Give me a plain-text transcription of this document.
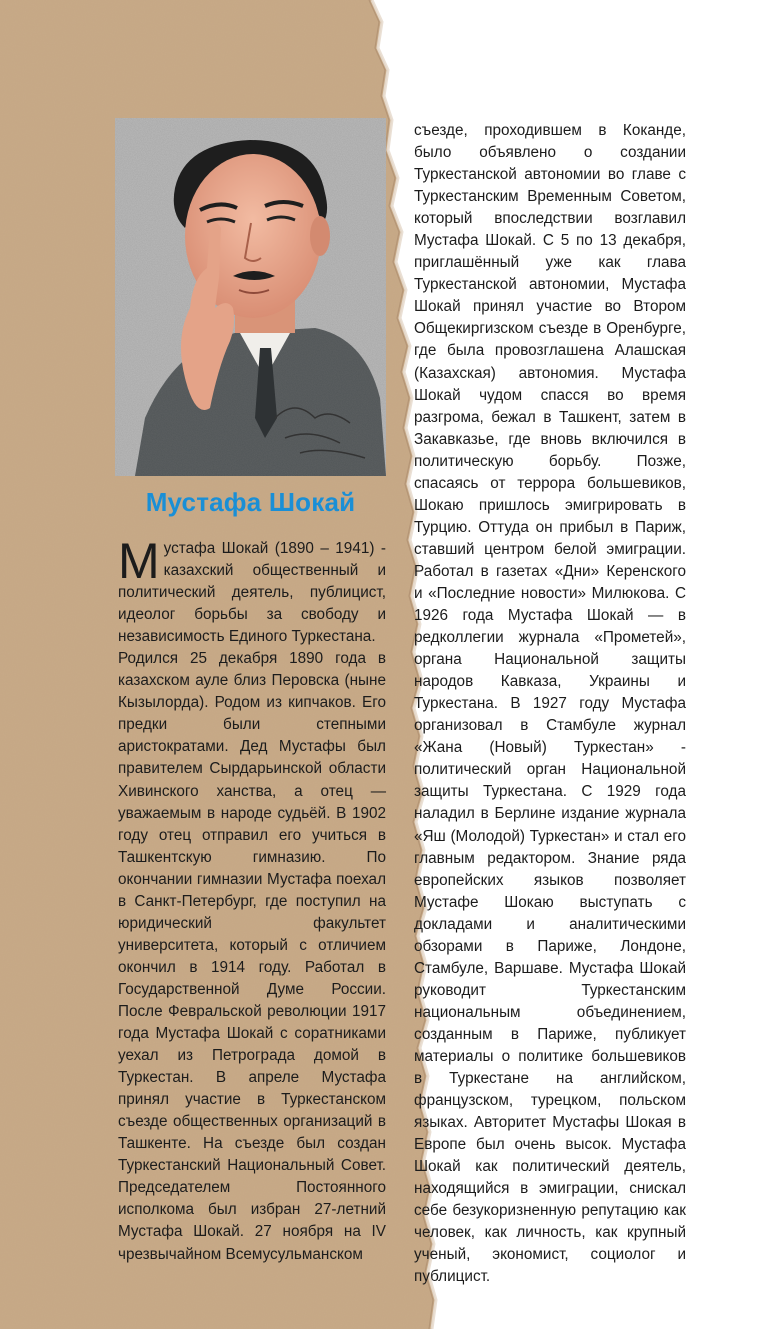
Мустафа Шокай

Мустафа Шокай (1890 – 1941) - казахский общественный и политический деятель, публицист, идеолог борьбы за свободу и независимость Единого Туркестана.

Родился 25 декабря 1890 года в казахском ауле близ Перовска (ныне Кызылорда). Родом из кипчаков. Его предки были степными аристократами. Дед Мустафы был правителем Сырдарьинской области Хивинского ханства, а отец — уважаемым в народе судьёй. В 1902 году отец отправил его учиться в Ташкентскую гимназию. По окончании гимназии Мустафа поехал в Санкт-Петербург, где поступил на юридический факультет университета, который с отличием окончил в 1914 году. Работал в Государственной Думе России. После Февральской революции 1917 года Мустафа Шокай с соратниками уехал из Петрограда домой в Туркестан. В апреле Мустафа принял участие в Туркестанском съезде общественных организаций в Ташкенте. На съезде был создан Туркестанский Национальный Совет. Председателем Постоянного исполкома был избран 27-летний Мустафа Шокай. 27 ноября на IV чрезвычайном Всемусульманском

съезде, проходившем в Коканде, было объявлено о создании Туркестанской автономии во главе с Туркестанским Временным Советом, который впоследствии возглавил Мустафа Шокай. С 5 по 13 декабря, приглашённый уже как глава Туркестанской автономии, Мустафа Шокай принял участие во Втором Общекиргизском съезде в Оренбурге, где была провозглашена Алашская (Казахская) автономия. Мустафа Шокай чудом спасся во время разгрома, бежал в Ташкент, затем в Закавказье, где вновь включился в политическую борьбу. Позже, спасаясь от террора большевиков, Шокаю пришлось эмигрировать в Турцию. Оттуда он прибыл в Париж, ставший центром белой эмиграции. Работал в газетах «Дни» Керенского и «Последние новости» Милюкова. С 1926 года Мустафа Шокай — в редколлегии журнала «Прометей», органа Национальной защиты народов Кавказа, Украины и Туркестана. В 1927 году Мустафа организовал в Стамбуле журнал «Жана (Новый) Туркестан» - политический орган Национальной защиты Туркестана. С 1929 года наладил в Берлине издание журнала «Яш (Молодой) Туркестан» и стал его главным редактором. Знание ряда европейских языков позволяет Мустафе Шокаю выступать с докладами и аналитическими обзорами в Париже, Лондоне, Стамбуле, Варшаве. Мустафа Шокай руководит Туркестанским национальным объединением, созданным в Париже, публикует материалы о политике большевиков в Туркестане на английском, французском, турецком, польском языках. Авторитет Мустафы Шокая в Европе был очень высок. Мустафа Шокай как политический деятель, находящийся в эмиграции, снискал себе безукоризненную репутацию как человек, как личность, как крупный ученый, экономист, социолог и публицист.
